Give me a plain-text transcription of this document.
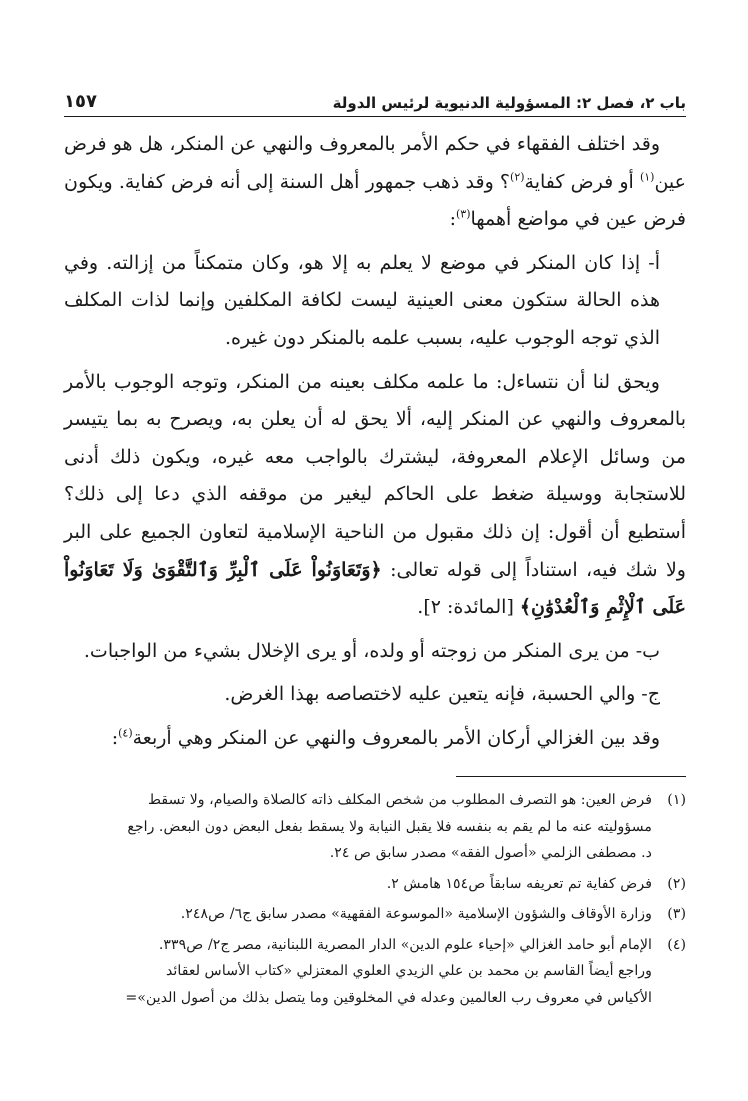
باب ٢، فصل ٢: المسؤولية الدنيوية لرئيس الدولة
١٥٧

وقد اختلف الفقهاء في حكم الأمر بالمعروف والنهي عن المنكر، هل هو فرض عين$^{(١)}$ أو فرض كفاية$^{(٢)}$؟ وقد ذهب جمهور أهل السنة إلى أنه فرض كفاية. ويكون فرض عين في مواضع أهمها$^{(٣)}$:

أ- إذا كان المنكر في موضع لا يعلم به إلا هو، وكان متمكناً من إزالته. وفي هذه الحالة ستكون معنى العينية ليست لكافة المكلفين وإنما لذات المكلف الذي توجه الوجوب عليه، بسبب علمه بالمنكر دون غيره.

ويحق لنا أن نتساءل: ما علمه مكلف بعينه من المنكر، وتوجه الوجوب بالأمر بالمعروف والنهي عن المنكر إليه، ألا يحق له أن يعلن به، ويصرح به بما يتيسر من وسائل الإعلام المعروفة، ليشترك بالواجب معه غيره، ويكون ذلك أدنى للاستجابة ووسيلة ضغط على الحاكم ليغير من موقفه الذي دعا إلى ذلك؟ أستطيع أن أقول: إن ذلك مقبول من الناحية الإسلامية لتعاون الجميع على البر ولا شك فيه، استناداً إلى قوله تعالى: ﴿وَتَعَاوَنُواْ عَلَى ٱلْبِرِّ وَٱلتَّقْوَىٰ وَلَا تَعَاوَنُواْ عَلَى ٱلْإِثْمِ وَٱلْعُدْوَٰنِ﴾ [المائدة: ٢].

ب- من يرى المنكر من زوجته أو ولده، أو يرى الإخلال بشيء من الواجبات.

ج- والي الحسبة، فإنه يتعين عليه لاختصاصه بهذا الغرض.

وقد بين الغزالي أركان الأمر بالمعروف والنهي عن المنكر وهي أربعة$^{(٤)}$:

(١)
فرض العين: هو التصرف المطلوب من شخص المكلف ذاته كالصلاة والصيام، ولا تسقط
مسؤوليته عنه ما لم يقم به بنفسه فلا يقبل النيابة ولا يسقط بفعل البعض دون البعض. راجع
د. مصطفى الزلمي «أصول الفقه» مصدر سابق ص ٢٤.
(٢)
فرض كفاية تم تعريفه سابقاً ص١٥٤ هامش ٢.
(٣)
وزارة الأوقاف والشؤون الإسلامية «الموسوعة الفقهية» مصدر سابق ج٦/ ص٢٤٨.
(٤)
الإمام أبو حامد الغزالي «إحياء علوم الدين» الدار المصرية اللبنانية، مصر ج٢/ ص٣٣٩.
وراجع أيضاً القاسم بن محمد بن علي الزيدي العلوي المعتزلي «كتاب الأساس لعقائد
الأكياس في معروف رب العالمين وعدله في المخلوقين وما يتصل بذلك من أصول الدين»=
